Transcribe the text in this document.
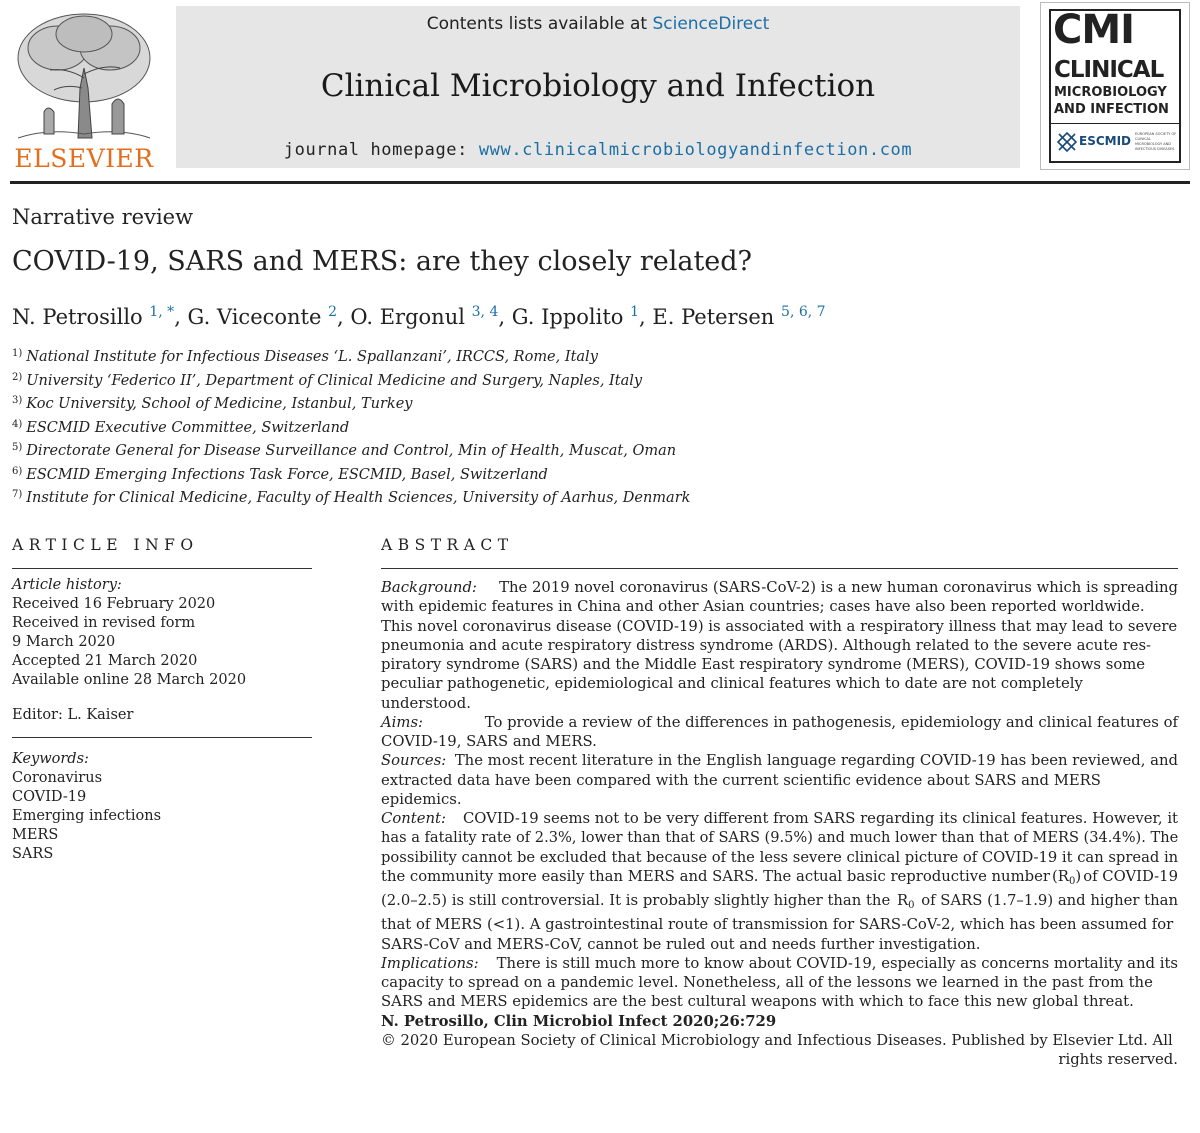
ELSEVIER
Contents lists available at ScienceDirect
Clinical Microbiology and Infection
journal homepage: www.clinicalmicrobiologyandinfection.com
CMI
CLINICAL
MICROBIOLOGY
AND INFECTION
ESCMID EUROPEAN SOCIETY OF CLINICAL MICROBIOLOGY AND INFECTIOUS DISEASES
Narrative review
COVID-19, SARS and MERS: are they closely related?
N. Petrosillo $^{1, *}$, G. Viceconte $^2$, O. Ergonul $^{3, 4}$, G. Ippolito $^1$, E. Petersen $^{5, 6, 7}$
$^{1)}$ National Institute for Infectious Diseases ‘L. Spallanzani’, IRCCS, Rome, Italy
$^{2)}$ University ‘Federico II’, Department of Clinical Medicine and Surgery, Naples, Italy
$^{3)}$ Koc University, School of Medicine, Istanbul, Turkey
$^{4)}$ ESCMID Executive Committee, Switzerland
$^{5)}$ Directorate General for Disease Surveillance and Control, Min of Health, Muscat, Oman
$^{6)}$ ESCMID Emerging Infections Task Force, ESCMID, Basel, Switzerland
$^{7)}$ Institute for Clinical Medicine, Faculty of Health Sciences, University of Aarhus, Denmark
ARTICLE INFO
Article history:
Received 16 February 2020
Received in revised form
9 March 2020
Accepted 21 March 2020
Available online 28 March 2020
Editor: L. Kaiser
Keywords:
Coronavirus
COVID-19
Emerging infections
MERS
SARS
ABSTRACT
Background: The 2019 novel coronavirus (SARS-CoV-2) is a new human coronavirus which is spreading
with epidemic features in China and other Asian countries; cases have also been reported worldwide.
This novel coronavirus disease (COVID-19) is associated with a respiratory illness that may lead to severe
pneumonia and acute respiratory distress syndrome (ARDS). Although related to the severe acute res-
piratory syndrome (SARS) and the Middle East respiratory syndrome (MERS), COVID-19 shows some
peculiar pathogenetic, epidemiological and clinical features which to date are not completely
understood.
Aims:	To provide a review of the differences in pathogenesis, epidemiology and clinical features of
COVID-19, SARS and MERS.
Sources: The most recent literature in the English language regarding COVID-19 has been reviewed, and
extracted data have been compared with the current scientific evidence about SARS and MERS
epidemics.
Content: COVID-19 seems not to be very different from SARS regarding its clinical features. However, it
has a fatality rate of 2.3%, lower than that of SARS (9.5%) and much lower than that of MERS (34.4%). The
possibility cannot be excluded that because of the less severe clinical picture of COVID-19 it can spread in
the community more easily than MERS and SARS. The actual basic reproductive number $(R_0)$ of COVID-19
(2.0–2.5) is still controversial. It is probably slightly higher than the $R_0$ of SARS (1.7–1.9) and higher than
that of MERS (<1). A gastrointestinal route of transmission for SARS-CoV-2, which has been assumed for
SARS-CoV and MERS-CoV, cannot be ruled out and needs further investigation.
Implications: There is still much more to know about COVID-19, especially as concerns mortality and its
capacity to spread on a pandemic level. Nonetheless, all of the lessons we learned in the past from the
SARS and MERS epidemics are the best cultural weapons with which to face this new global threat.
N. Petrosillo, Clin Microbiol Infect 2020;26:729
© 2020 European Society of Clinical Microbiology and Infectious Diseases. Published by Elsevier Ltd. All
rights reserved.
